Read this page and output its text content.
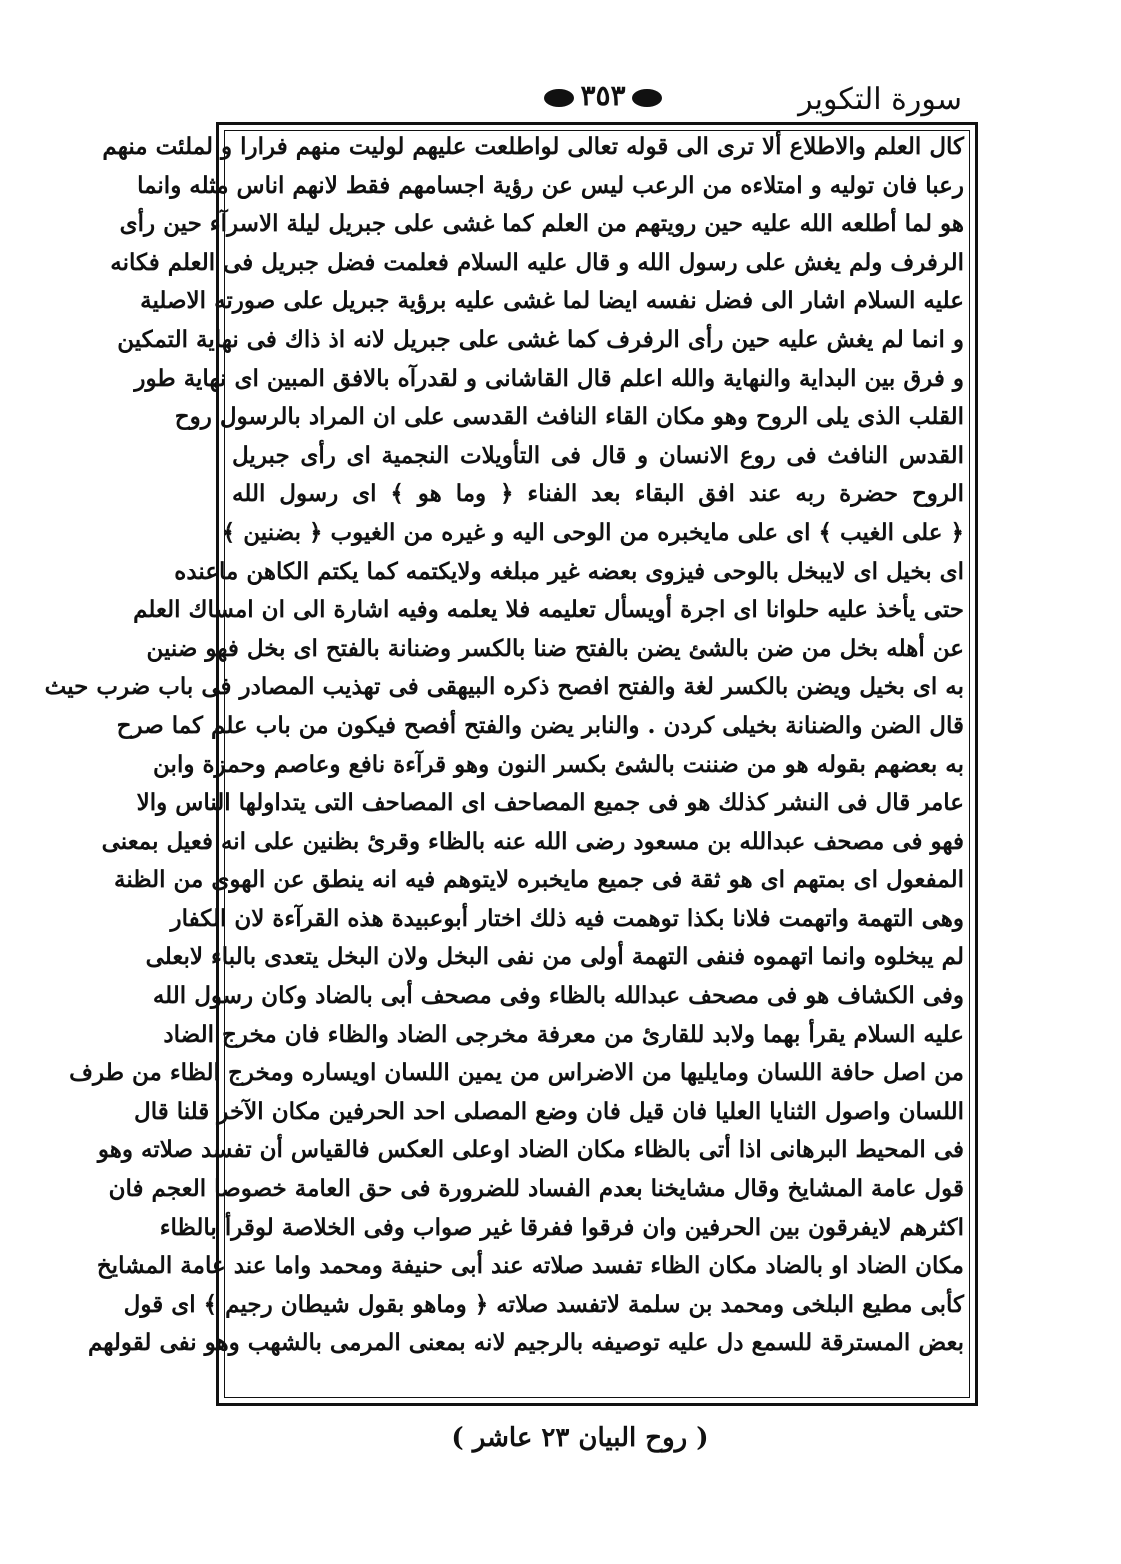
سورة التكوير
٣٥٣
كال العلم والاطلاع ألا ترى الى قوله تعالى لواطلعت عليهم لوليت منهم فرارا و لملئت منهم
رعبا فان توليه و امتلاءه من الرعب ليس عن رؤية اجسامهم فقط لانهم اناس مثله وانما
هو لما أطلعه الله عليه حين رويتهم من العلم كما غشى على جبريل ليلة الاسرآء حين رأى
الرفرف ولم يغش على رسول الله و قال عليه السلام فعلمت فضل جبريل فى العلم فكانه
عليه السلام اشار الى فضل نفسه ايضا لما غشى عليه برؤية جبريل على صورته الاصلية
و انما لم يغش عليه حين رأى الرفرف كما غشى على جبريل لانه اذ ذاك فى نهاية التمكين
و فرق بين البداية والنهاية والله اعلم قال القاشانى و لقدرآه بالافق المبين اى نهاية طور
القلب الذى يلى الروح وهو مكان القاء النافث القدسى على ان المراد بالرسول روح
القدس النافث فى روع الانسان و قال فى التأويلات النجمية اى رأى جبريل
الروح حضرة ربه عند افق البقاء بعد الفناء ﴿ وما هو ﴾ اى رسول الله
﴿ على الغيب ﴾ اى على مايخبره من الوحى اليه و غيره من الغيوب ﴿ بضنين ﴾
اى بخيل اى لايبخل بالوحى فيزوى بعضه غير مبلغه ولايكتمه كما يكتم الكاهن ماعنده
حتى يأخذ عليه حلوانا اى اجرة أويسأل تعليمه فلا يعلمه وفيه اشارة الى ان امساك العلم
عن أهله بخل من ضن بالشئ يضن بالفتح ضنا بالكسر وضنانة بالفتح اى بخل فهو ضنين
به اى بخيل ويضن بالكسر لغة والفتح افصح ذكره البيهقى فى تهذيب المصادر فى باب ضرب حيث
قال الضن والضنانة بخيلى كردن . والنابر يضن والفتح أفصح فيكون من باب علم كما صرح
به بعضهم بقوله هو من ضننت بالشئ بكسر النون وهو قرآءة نافع وعاصم وحمزة وابن
عامر قال فى النشر كذلك هو فى جميع المصاحف اى المصاحف التى يتداولها الناس والا
فهو فى مصحف عبدالله بن مسعود رضى الله عنه بالظاء وقرئ بظنين على انه فعيل بمعنى
المفعول اى بمتهم اى هو ثقة فى جميع مايخبره لايتوهم فيه انه ينطق عن الهوى من الظنة
وهى التهمة واتهمت فلانا بكذا توهمت فيه ذلك اختار أبوعبيدة هذه القرآءة لان الكفار
لم يبخلوه وانما اتهموه فنفى التهمة أولى من نفى البخل ولان البخل يتعدى بالباء لابعلى
وفى الكشاف هو فى مصحف عبدالله بالظاء وفى مصحف أبى بالضاد وكان رسول الله
عليه السلام يقرأ بهما ولابد للقارئ من معرفة مخرجى الضاد والظاء فان مخرج الضاد
من اصل حافة اللسان ومايليها من الاضراس من يمين اللسان اويساره ومخرج الظاء من طرف
اللسان واصول الثنايا العليا فان قيل فان وضع المصلى احد الحرفين مكان الآخر قلنا قال
فى المحيط البرهانى اذا أتى بالظاء مكان الضاد اوعلى العكس فالقياس أن تفسد صلاته وهو
قول عامة المشايخ وقال مشايخنا بعدم الفساد للضرورة فى حق العامة خصوصا العجم فان
اكثرهم لايفرقون بين الحرفين وان فرقوا ففرقا غير صواب وفى الخلاصة لوقرأ بالظاء
مكان الضاد او بالضاد مكان الظاء تفسد صلاته عند أبى حنيفة ومحمد واما عند عامة المشايخ
كأبى مطيع البلخى ومحمد بن سلمة لاتفسد صلاته ﴿ وماهو بقول شيطان رجيم ﴾ اى قول
بعض المسترقة للسمع دل عليه توصيفه بالرجيم لانه بمعنى المرمى بالشهب وهو نفى لقولهم
( روح البيان ٢٣ عاشر )
